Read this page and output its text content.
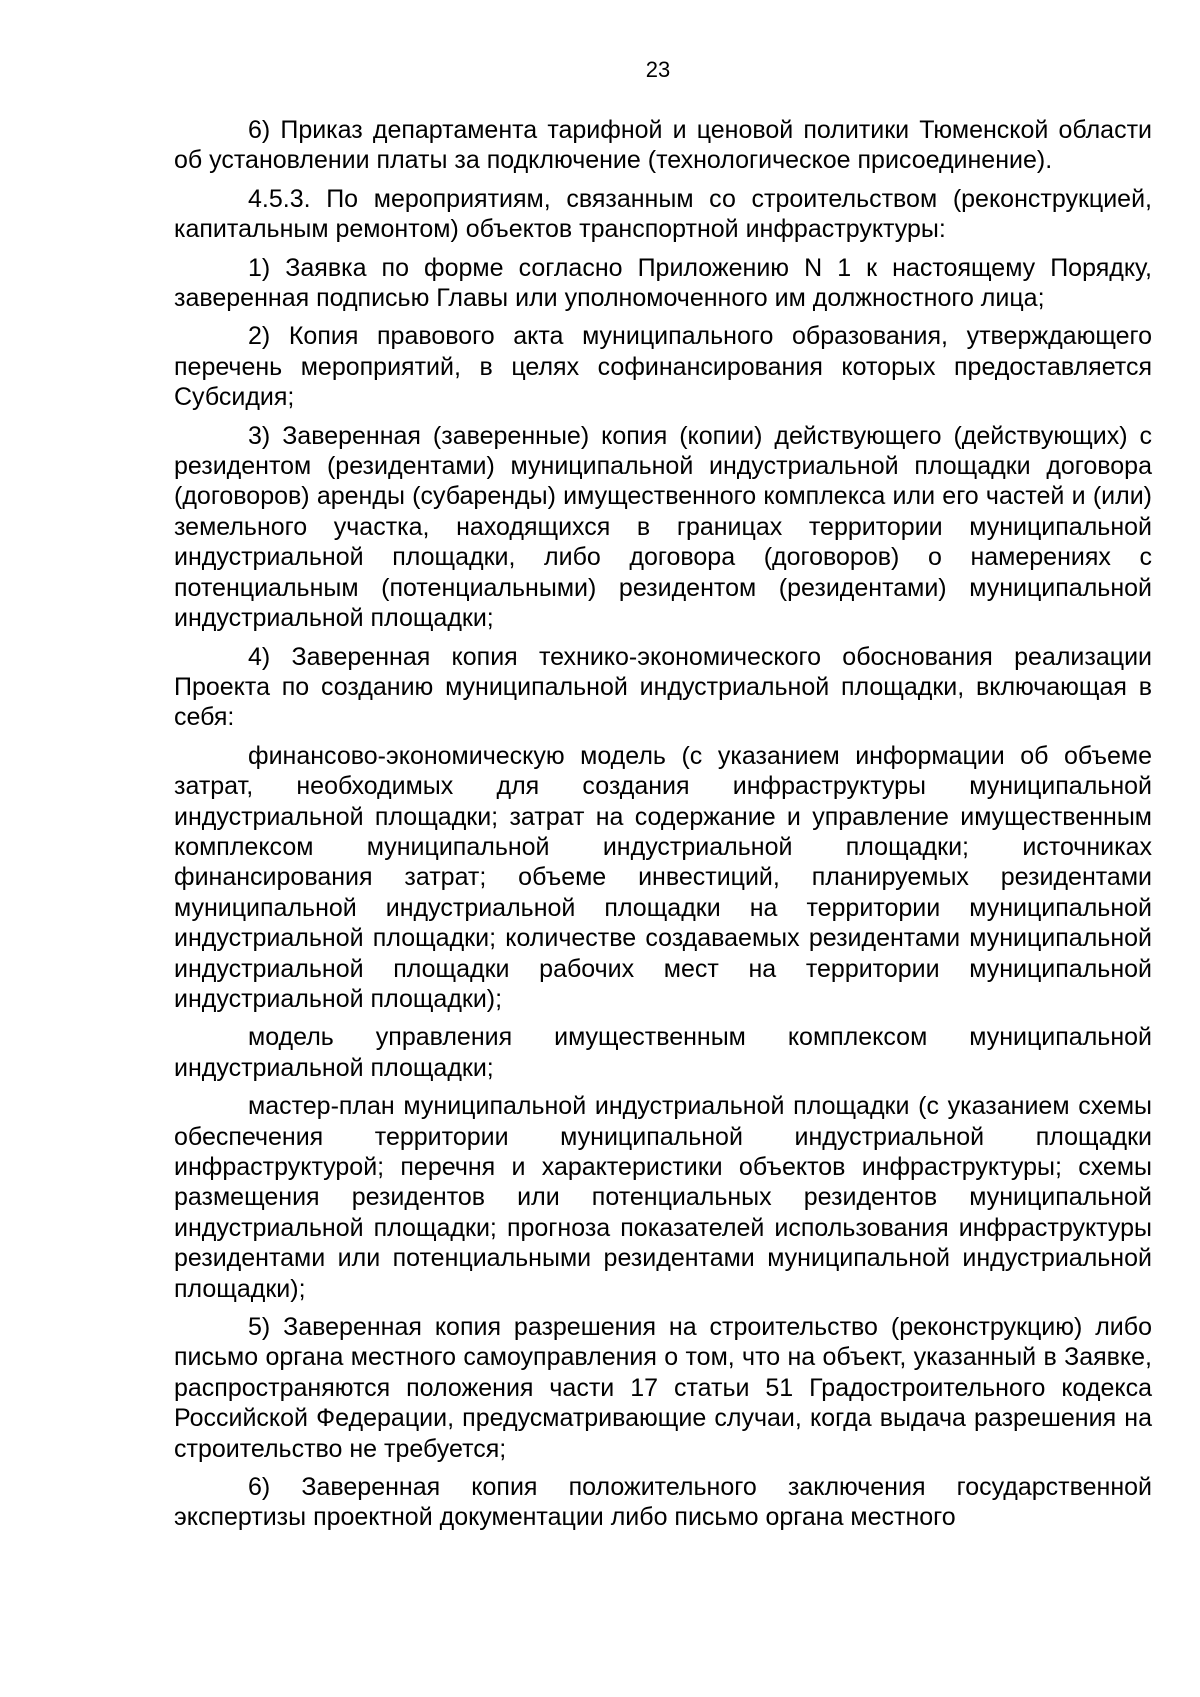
23

6) Приказ департамента тарифной и ценовой политики Тюменской области об установлении платы за подключение (технологическое присоединение).

4.5.3. По мероприятиям, связанным со строительством (реконструкцией, капитальным ремонтом) объектов транспортной инфраструктуры:

1) Заявка по форме согласно Приложению N 1 к настоящему Порядку, заверенная подписью Главы или уполномоченного им должностного лица;

2) Копия правового акта муниципального образования, утверждающего перечень мероприятий, в целях софинансирования которых предоставляется Субсидия;

3) Заверенная (заверенные) копия (копии) действующего (действующих) с резидентом (резидентами) муниципальной индустриальной площадки договора (договоров) аренды (субаренды) имущественного комплекса или его частей и (или) земельного участка, находящихся в границах территории муниципальной индустриальной площадки, либо договора (договоров) о намерениях с потенциальным (потенциальными) резидентом (резидентами) муниципальной индустриальной площадки;

4) Заверенная копия технико-экономического обоснования реализации Проекта по созданию муниципальной индустриальной площадки, включающая в себя:

финансово-экономическую модель (с указанием информации об объеме затрат, необходимых для создания инфраструктуры муниципальной индустриальной площадки; затрат на содержание и управление имущественным комплексом муниципальной индустриальной площадки; источниках финансирования затрат; объеме инвестиций, планируемых резидентами муниципальной индустриальной площадки на территории муниципальной индустриальной площадки; количестве создаваемых резидентами муниципальной индустриальной площадки рабочих мест на территории муниципальной индустриальной площадки);

модель управления имущественным комплексом муниципальной индустриальной площадки;

мастер-план муниципальной индустриальной площадки (с указанием схемы обеспечения территории муниципальной индустриальной площадки инфраструктурой; перечня и характеристики объектов инфраструктуры; схемы размещения резидентов или потенциальных резидентов муниципальной индустриальной площадки; прогноза показателей использования инфраструктуры резидентами или потенциальными резидентами муниципальной индустриальной площадки);

5) Заверенная копия разрешения на строительство (реконструкцию) либо письмо органа местного самоуправления о том, что на объект, указанный в Заявке, распространяются положения части 17 статьи 51 Градостроительного кодекса Российской Федерации, предусматривающие случаи, когда выдача разрешения на строительство не требуется;

6) Заверенная копия положительного заключения государственной экспертизы проектной документации либо письмо органа местного
